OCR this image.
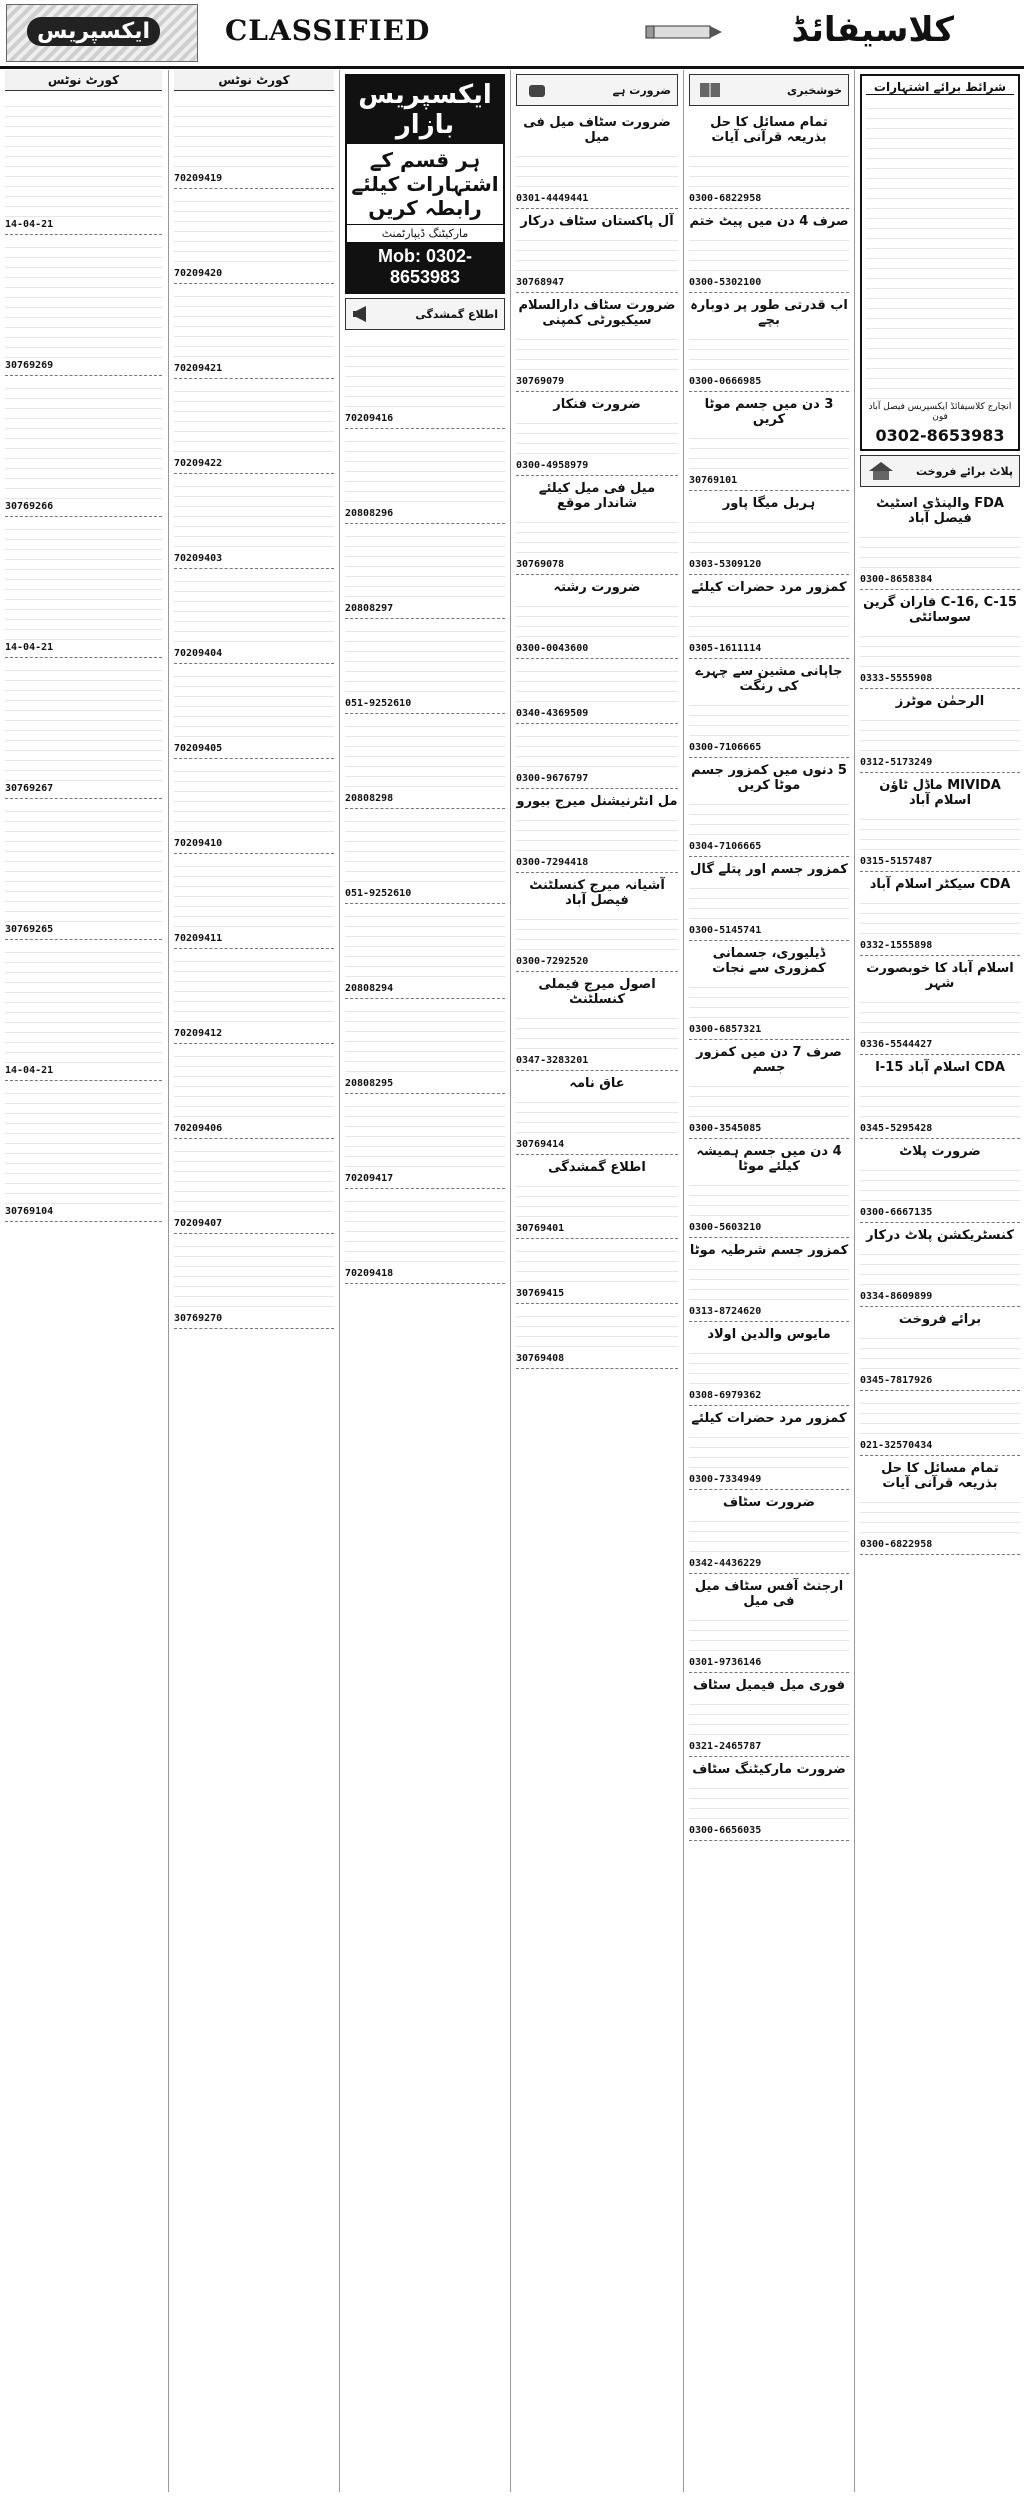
ایکسپریس	CLASSIFIED	کلاسیفائڈ
کورٹ نوٹس
14-04-21
30769269
30769266
14-04-21
30769267
30769265
14-04-21
30769104
کورٹ نوٹس
70209419
70209420
70209421
70209422
70209403
70209404
70209405
70209410
70209411
70209412
70209406
70209407
30769270
ایکسپریس بازار
ہر قسم کے اشتہارات کیلئے رابطہ کریں
مارکیٹنگ ڈیپارٹمنٹ
Mob: 0302-8653983
اطلاع گمشدگی
70209416
20808296
20808297
051-9252610
20808298
051-9252610
20808294
20808295
70209417
70209418
ضرورت ہے
ضرورت سٹاف میل فی میل
0301-4449441
آل پاکستان سٹاف درکار
30768947
ضرورت سٹاف دارالسلام سیکیورٹی کمپنی
30769079
ضرورت فنکار
0300-4958979
میل فی میل کیلئے شاندار موقع
30769078
ضرورت رشتہ
0300-0043600
0340-4369509
0300-9676797
مل انٹرنیشنل میرج بیورو
0300-7294418
آشیانہ میرج کنسلٹنٹ فیصل آباد
0300-7292520
اصول میرج فیملی کنسلٹنٹ
0347-3283201
عاق نامہ
30769414
اطلاع گمشدگی
30769401
30769415
30769408
خوشخبری
تمام مسائل کا حل بذریعہ قرآنی آیات
0300-6822958
صرف 4 دن میں پیٹ ختم
0300-5302100
اب قدرتی طور پر دوبارہ بچے
0300-0666985
3 دن میں جسم موٹا کریں
30769101
ہربل میگا پاور
0303-5309120
کمزور مرد حضرات کیلئے
0305-1611114
جاپانی مشین سے چہرے کی رنگت
0300-7106665
5 دنوں میں کمزور جسم موٹا کریں
0304-7106665
کمزور جسم اور پتلے گال
0300-5145741
ڈیلیوری، جسمانی کمزوری سے نجات
0300-6857321
صرف 7 دن میں کمزور جسم
0300-3545085
4 دن میں جسم ہمیشہ کیلئے موٹا
0300-5603210
کمزور جسم شرطیہ موٹا
0313-8724620
مایوس والدین اولاد
0308-6979362
کمزور مرد حضرات کیلئے
0300-7334949
ضرورت سٹاف
0342-4436229
ارجنٹ آفس سٹاف میل فی میل
0301-9736146
فوری میل فیمیل سٹاف
0321-2465787
ضرورت مارکیٹنگ سٹاف
0300-6656035
شرائط برائے اشتہارات
انچارج کلاسیفائڈ ایکسپریس فیصل آباد فون
0302-8653983
پلاٹ برائے فروخت
FDA والپنڈی اسٹیٹ فیصل آباد
0300-8658384
C-16, C-15 فاران گرین سوسائٹی
0333-5555908
الرحمٰن موٹرز
0312-5173249
MIVIDA ماڈل ٹاؤن اسلام آباد
0315-5157487
CDA سیکٹر اسلام آباد
0332-1555898
اسلام آباد کا خوبصورت شہر
0336-5544427
CDA اسلام آباد I-15
0345-5295428
ضرورت پلاٹ
0300-6667135
کنسٹریکشن پلاٹ درکار
0334-8609899
برائے فروخت
0345-7817926
021-32570434
تمام مسائل کا حل بذریعہ قرآنی آیات
0300-6822958
